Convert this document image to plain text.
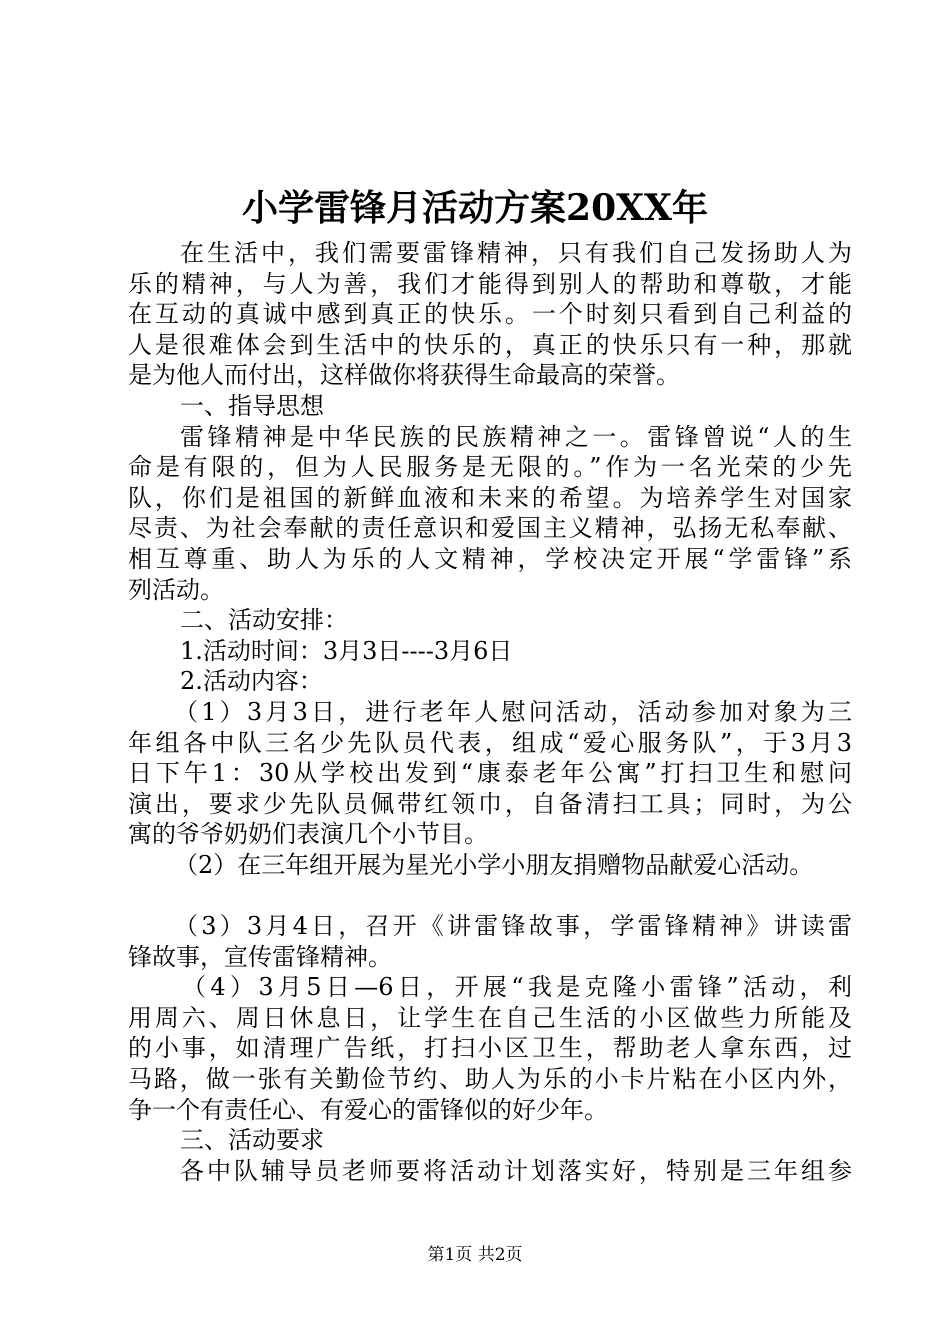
小学雷锋月活动方案20XX年
在生活中，我们需要雷锋精神，只有我们自己发扬助人为
乐的精神，与人为善，我们才能得到别人的帮助和尊敬，才能
在互动的真诚中感到真正的快乐。一个时刻只看到自己利益的
人是很难体会到生活中的快乐的，真正的快乐只有一种，那就
是为他人而付出，这样做你将获得生命最高的荣誉。
一、指导思想
雷锋精神是中华民族的民族精神之一。雷锋曾说“人的生
命是有限的，但为人民服务是无限的。”作为一名光荣的少先
队，你们是祖国的新鲜血液和未来的希望。为培养学生对国家
尽责、为社会奉献的责任意识和爱国主义精神，弘扬无私奉献、
相互尊重、助人为乐的人文精神，学校决定开展“学雷锋”系
列活动。
二、活动安排：
1.活动时间：3月3日----3月6日
2.活动内容：
（1）3月3日，进行老年人慰问活动，活动参加对象为三
年组各中队三名少先队员代表，组成“爱心服务队”，于3月3
日下午1：30从学校出发到“康泰老年公寓”打扫卫生和慰问
演出，要求少先队员佩带红领巾，自备清扫工具；同时，为公
寓的爷爷奶奶们表演几个小节目。
（2）在三年组开展为星光小学小朋友捐赠物品献爱心活动。
（3）3月4日，召开《讲雷锋故事，学雷锋精神》讲读雷
锋故事，宣传雷锋精神。
（4）3月5日—6日，开展“我是克隆小雷锋”活动，利
用周六、周日休息日，让学生在自己生活的小区做些力所能及
的小事，如清理广告纸，打扫小区卫生，帮助老人拿东西，过
马路，做一张有关勤俭节约、助人为乐的小卡片粘在小区内外，
争一个有责任心、有爱心的雷锋似的好少年。
三、活动要求
各中队辅导员老师要将活动计划落实好，特别是三年组参
第1页 共2页
